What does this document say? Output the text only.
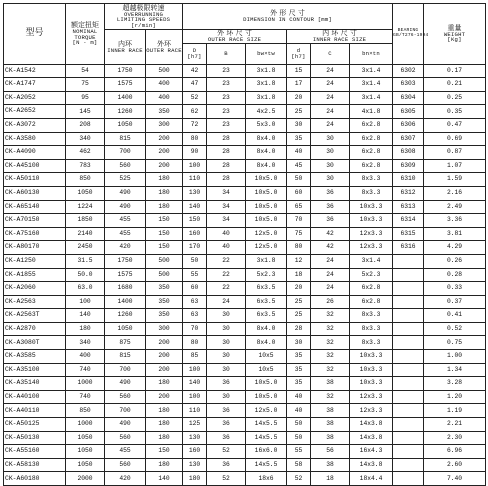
型号	额定扭矩
NOMINAL
TORQUE
[N · m]	超越极限转速
OVERRUNNING
LIMITING SPEEDS
[r/min]		外 形 尺 寸
DIMENSION IN CONTOUR [mm]						BEARING
GB/T276-1994	重量
WEIGHT
[Kg]

		内环
INNER RACE	外环
OUTER RACE	外 环 尺 寸
OUTER RACE SIZE			内 环 尺 寸
INNER RACE SIZE				

				D
[h7]	B	bw×tw	d
[h7]	C	bn×tn		

CK-A1542	54	1750	500	42	23	3x1.8	15	24	3x1.4	6302	0.17
CK-A1747	75	1575	400	47	23	3x1.8	17	24	3x1.4	6303	0.21
CK-A2052	95	1400	400	52	23	3x1.8	20	24	3x1.4	6304	0.25
CK-A2652	145	1260	350	62	23	4x2.5	25	24	4x1.8	6305	0.35
CK-A3072	208	1050	300	72	23	5x3.0	30	24	6x2.8	6306	0.47
CK-A3580	340	815	200	80	28	8x4.0	35	30	6x2.8	6307	0.69
CK-A4090	462	700	200	90	28	8x4.0	40	30	6x2.8	6308	0.87
CK-A45100	783	560	200	100	28	8x4.0	45	30	6x2.8	6309	1.07
CK-A50110	850	525	180	110	28	10x5.0	50	30	8x3.3	6310	1.59
CK-A60130	1050	490	180	130	34	10x5.0	60	36	8x3.3	6312	2.16
CK-A65140	1224	490	180	140	34	10x5.0	65	36	10x3.3	6313	2.49
CK-A70150	1850	455	150	150	34	10x5.0	70	36	10x3.3	6314	3.36
CK-A75160	2140	455	150	160	40	12x5.0	75	42	12x3.3	6315	3.81
CK-A80170	2450	420	150	170	40	12x5.0	80	42	12x3.3	6316	4.29
CK-A1250	31.5	1750	500	50	22	3x1.8	12	24	3x1.4		0.26
CK-A1855	50.0	1575	500	55	22	5x2.3	18	24	5x2.3		0.28
CK-A2060	63.0	1680	350	60	22	6x3.5	20	24	6x2.8		0.33
CK-A2563	100	1400	350	63	24	6x3.5	25	26	6x2.8		0.37
CK-A2563T	140	1260	350	63	30	6x3.5	25	32	8x3.3		0.41
CK-A2870	180	1050	300	70	30	8x4.0	28	32	8x3.3		0.52
CK-A3080T	340	875	200	80	30	8x4.0	30	32	8x3.3		0.75
CK-A3585	400	815	200	85	30	10x5	35	32	10x3.3		1.00
CK-A35100	740	700	200	100	30	10x5	35	32	10x3.3		1.34
CK-A35140	1000	490	180	140	36	10x5.0	35	38	10x3.3		3.28
CK-A40100	740	560	200	100	30	10x5.0	40	32	12x3.3		1.20
CK-A40110	850	700	180	110	36	12x5.0	40	38	12x3.3		1.19
CK-A50125	1000	490	180	125	36	14x5.5	50	38	14x3.8		2.21
CK-A50130	1050	560	180	130	36	14x5.5	50	38	14x3.8		2.30
CK-A55160	1050	455	150	160	52	16x6.0	55	56	16x4.3		6.96
CK-A58130	1050	560	180	130	36	14x5.5	58	38	14x3.8		2.60
CK-A60180	2000	420	140	180	52	18x6	52	18	18x4.4		7.40
